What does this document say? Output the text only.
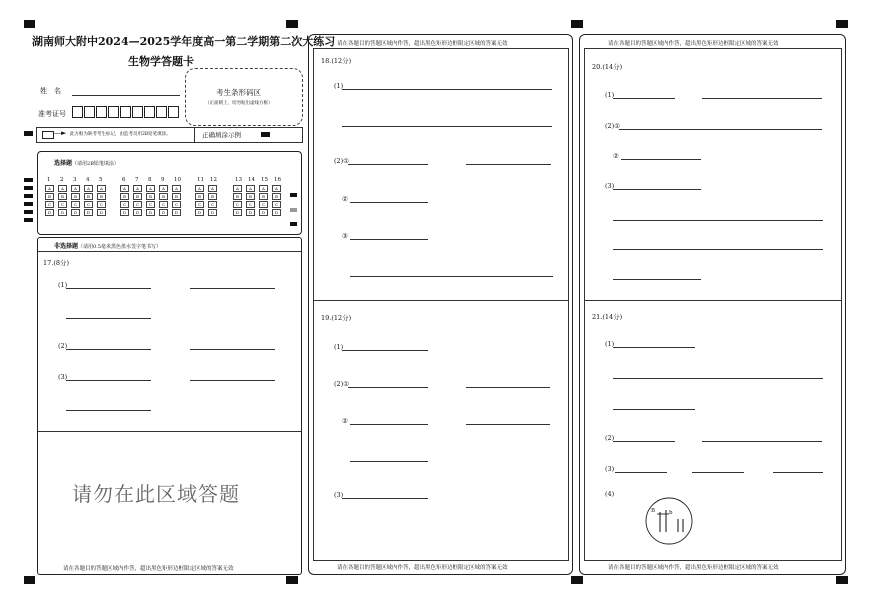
湖南师大附中2024—2025学年度高一第二学期第二次大练习
生物学答题卡
姓　名
准考证号
考生条形码区
（正面朝上，切勿贴出虚线方框）
—► 此方框为缺考考生标记，由监考员用2B铅笔填涂。	正确填涂示例
选择题（请用2B铅笔填涂）
1
A
B
C
D
2
A
B
C
D
3
A
B
C
D
4
A
B
C
D
5
A
B
C
D
6
A
B
C
D
7
A
B
C
D
8
A
B
C
D
9
A
B
C
D
10
A
B
C
D
11
A
B
C
D
12
A
B
C
D
13
A
B
C
D
14
A
B
C
D
15
A
B
C
D
16
A
B
C
D
非选择题（请用0.5毫米黑色墨水签字笔书写）
17.(8分)
(1)
(2)
(3)
请勿在此区域答题
请在各题目的答题区域内作答，超出黑色矩形边框限定区域的答案无效
请在各题目的答题区域内作答，超出黑色矩形边框限定区域的答案无效
18.(12分)
(1)
(2)①
②
③
19.(12分)
(1)
(2)①
②
(3)
请在各题目的答题区域内作答，超出黑色矩形边框限定区域的答案无效
请在各题目的答题区域内作答，超出黑色矩形边框限定区域的答案无效
20.(14分)
(1)
(2)①
②
(3)
21.(14分)
(1)
(2)
(3)
(4)
B	b
请在各题目的答题区域内作答，超出黑色矩形边框限定区域的答案无效
